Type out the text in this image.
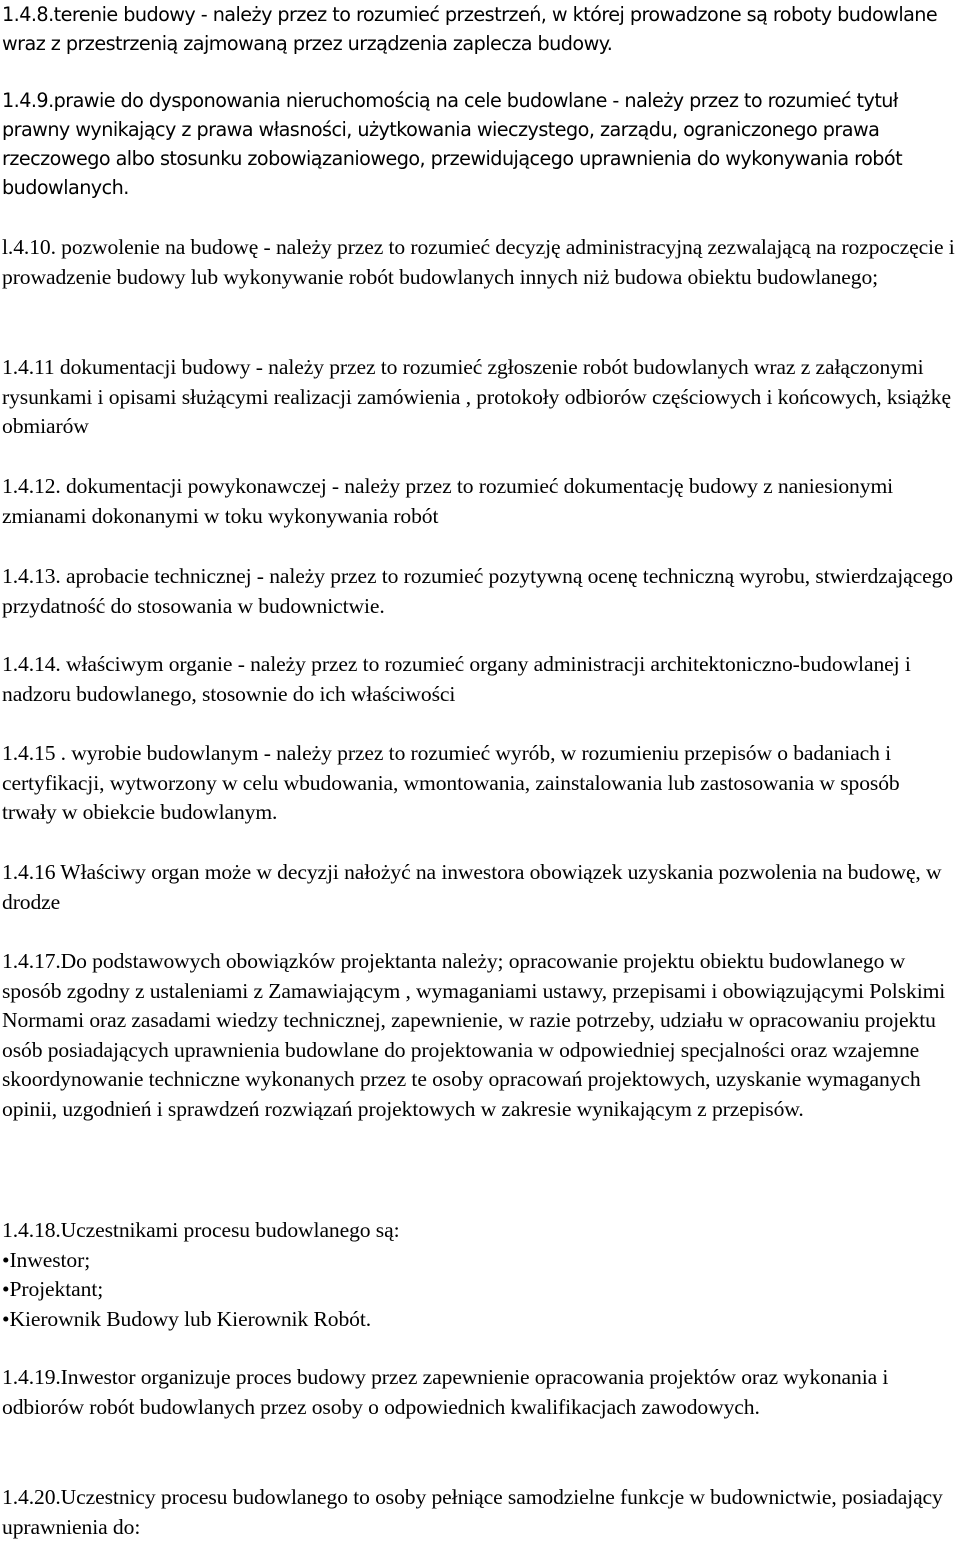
1.4.8.terenie budowy - należy przez to rozumieć przestrzeń, w której prowadzone są roboty budowlane wraz z przestrzenią zajmowaną przez urządzenia zaplecza budowy.

1.4.9.prawie do dysponowania nieruchomością na cele budowlane - należy przez to rozumieć tytuł prawny wynikający z prawa własności, użytkowania wieczystego, zarządu, ograniczonego prawa rzeczowego albo stosunku zobowiązaniowego, przewidującego uprawnienia do wykonywania robót budowlanych.

l.4.10. pozwolenie na budowę - należy przez to rozumieć decyzję administracyjną zezwalającą na rozpoczęcie i prowadzenie budowy lub wykonywanie robót budowlanych innych niż budowa obiektu budowlanego;

1.4.11 dokumentacji budowy - należy przez to rozumieć zgłoszenie robót budowlanych wraz z załączonymi rysunkami i opisami służącymi realizacji zamówienia , protokoły odbiorów częściowych i końcowych, książkę obmiarów

1.4.12. dokumentacji powykonawczej - należy przez to rozumieć dokumentację budowy z naniesionymi zmianami dokonanymi w toku wykonywania robót

1.4.13. aprobacie technicznej - należy przez to rozumieć pozytywną ocenę techniczną wyrobu, stwierdzającego przydatność do stosowania w budownictwie.

1.4.14. właściwym organie - należy przez to rozumieć organy administracji architektoniczno-budowlanej i nadzoru budowlanego, stosownie do ich właściwości

1.4.15 . wyrobie budowlanym - należy przez to rozumieć wyrób, w rozumieniu przepisów o badaniach i certyfikacji, wytworzony w celu wbudowania, wmontowania, zainstalowania lub zastosowania w sposób trwały w obiekcie budowlanym.

1.4.16 Właściwy organ może w decyzji nałożyć na inwestora obowiązek uzyskania pozwolenia na budowę, w drodze

1.4.17.Do podstawowych obowiązków projektanta należy; opracowanie projektu obiektu budowlanego w sposób zgodny z ustaleniami z Zamawiającym , wymaganiami ustawy, przepisami i obowiązującymi Polskimi Normami oraz zasadami wiedzy technicznej, zapewnienie, w razie potrzeby, udziału w opracowaniu projektu osób posiadających uprawnienia budowlane do projektowania w odpowiedniej specjalności oraz wzajemne skoordynowanie techniczne wykonanych przez te osoby opracowań projektowych, uzyskanie wymaganych opinii, uzgodnień i sprawdzeń rozwiązań projektowych w zakresie wynikającym z przepisów.

1.4.18.Uczestnikami procesu budowlanego są:
•Inwestor;
•Projektant;
•Kierownik Budowy lub Kierownik Robót.

1.4.19.Inwestor organizuje proces budowy przez zapewnienie opracowania projektów oraz wykonania i odbiorów robót budowlanych przez osoby o odpowiednich kwalifikacjach zawodowych.

1.4.20.Uczestnicy procesu budowlanego to osoby pełniące samodzielne funkcje w budownictwie, posiadający uprawnienia do:
